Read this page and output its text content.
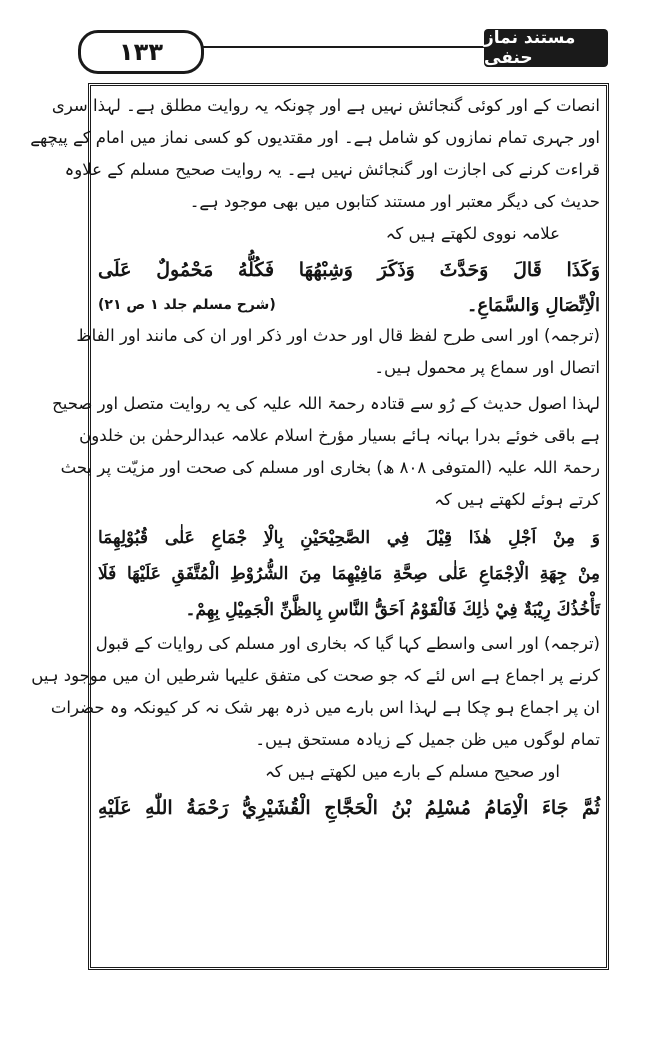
۱۳۳	مستند نماز حنفی
انصات کے اور کوئی گنجائش نہیں ہے اور چونکہ یہ روایت مطلق ہے۔ لہذا سری
اور جہری تمام نمازوں کو شامل ہے۔ اور مقتدیوں کو کسی نماز میں امام کے پیچھے
قراءت کرنے کی اجازت اور گنجائش نہیں ہے۔ یہ روایت صحیح مسلم کے علاوہ
حدیث کی دیگر معتبر اور مستند کتابوں میں بھی موجود ہے۔
علامہ نووی لکھتے ہیں کہ
وَكَذَا قَالَ وَحَدَّثَ وَذَكَرَ وَشِبْهُهَا فَكُلُّهُ مَحْمُولٌ عَلَى
الْاِتِّصَالِ وَالسَّمَاعِ۔
(شرح مسلم جلد ۱ ص ۲۱)
(ترجمہ) اور اسی طرح لفظ قال اور حدث اور ذکر اور ان کی مانند اور الفاظ
اتصال اور سماع پر محمول ہیں۔
لہذا اصول حدیث کے رُو سے قتادہ رحمۃ اللہ علیہ کی یہ روایت متصل اور صحیح
ہے باقی خوئے بدرا بہانہ ہائے بسیار مؤرخ اسلام علامہ عبدالرحمٰن بن خلدون
رحمۃ اللہ علیہ (المتوفی ۸۰۸ ھ) بخاری اور مسلم کی صحت اور مزیّت پر بحث
کرتے ہوئے لکھتے ہیں کہ
وَ مِنْ اَجْلِ هٰذَا قِيْلَ فِي الصَّحِيْحَيْنِ بِالْاِ جْمَاعِ عَلٰى قُبُوْلِهِمَا
مِنْ جِهَةِ الْاِجْمَاعِ عَلٰى صِحَّةِ مَافِيْهِمَا مِنَ الشُّرُوْطِ الْمُتَّفَقِ عَلَيْهَا فَلَا
تَأْخُذُكَ رِيْبَةٌ فِيْ ذٰلِكَ فَالْقَوْمُ اَحَقُّ النَّاسِ بِالظَّنِّ الْجَمِيْلِ بِهِمْ۔
(ترجمہ) اور اسی واسطے کہا گیا کہ بخاری اور مسلم کی روایات کے قبول
کرنے پر اجماع ہے اس لئے کہ جو صحت کی متفق علیہا شرطیں ان میں موجود ہیں
ان پر اجماع ہو چکا ہے لہذا اس بارے میں ذرہ بھر شک نہ کر کیونکہ وہ حضرات
تمام لوگوں میں ظن جمیل کے زیادہ مستحق ہیں۔
اور صحیح مسلم کے بارے میں لکھتے ہیں کہ
ثُمَّ جَاءَ الْاِمَامُ مُسْلِمُ بْنُ الْحَجَّاجِ الْقُشَيْرِيُّ رَحْمَةُ اللّٰهِ عَلَيْهِ
